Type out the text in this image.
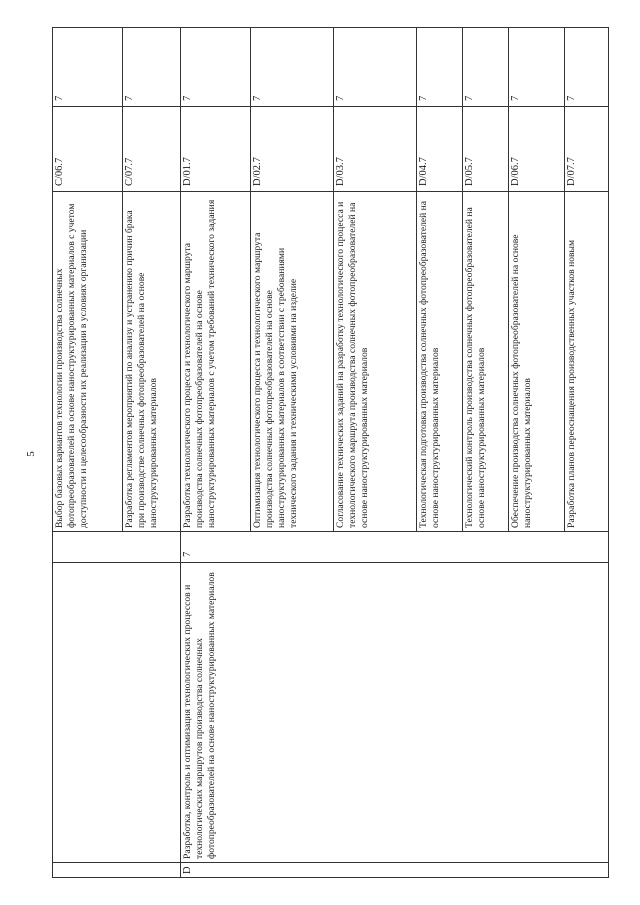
5
			Выбор базовых вариантов технологии производства солнечных фотопреобразователей на основе наноструктурированных материалов с учетом доступности и целесообразности их реализации в условиях организации	C/06.7	7
			Разработка регламентов мероприятий по анализу и устранению причин брака при производстве солнечных фотопреобразователей на основе наноструктурированных материалов	C/07.7	7
D	Разработка, контроль и оптимизация технологических процессов и технологических маршрутов производства солнечных фотопреобразователей на основе наноструктурированных материалов	7	Разработка технологического процесса и технологического маршрута производства солнечных фотопреобразователей на основе наноструктурированных материалов с учетом требований технического задания	D/01.7	7
			Оптимизация технологического процесса и технологического маршрута производства солнечных фотопреобразователей на основе наноструктурированных материалов в соответствии с требованиями технического задания и техническими условиями на изделие	D/02.7	7
			Согласование технических заданий на разработку технологического процесса и технологического маршрута производства солнечных фотопреобразователей на основе наноструктурированных материалов	D/03.7	7
			Технологическая подготовка производства солнечных фотопреобразователей на основе наноструктурированных материалов	D/04.7	7
			Технологический контроль производства солнечных фотопреобразователей на основе наноструктурированных материалов	D/05.7	7
			Обеспечение производства солнечных фотопреобразователей на основе наноструктурированных материалов	D/06.7	7
			Разработка планов переоснащения производственных участков новым	D/07.7	7
